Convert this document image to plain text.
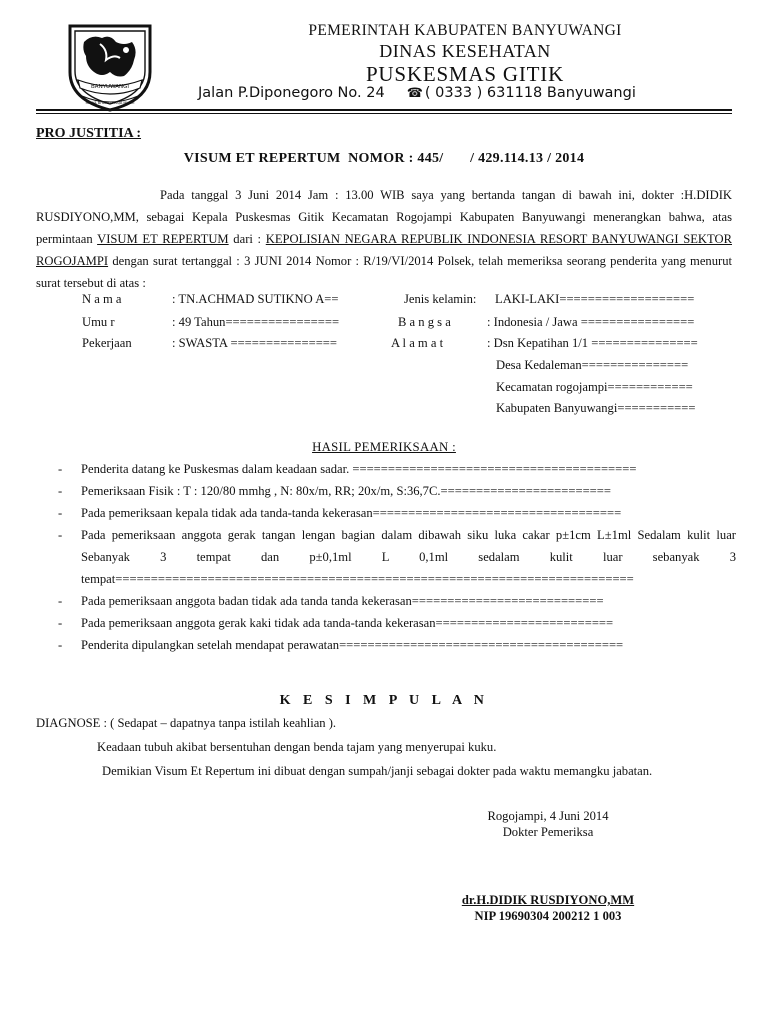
BANYUWANGI
SATYA BHAKTI PRAJA MUKTI
PEMERINTAH KABUPATEN BANYUWANGI
DINAS KESEHATAN
PUSKESMAS GITIK
Jalan P.Diponegoro No. 24 ☎ ( 0333 ) 631118 Banyuwangi
PRO JUSTITIA :
VISUM ET REPERTUM  NOMOR : 445/       / 429.114.13 / 2014
Pada tanggal 3 Juni 2014 Jam : 13.00 WIB saya yang bertanda tangan di bawah ini, dokter :H.DIDIK RUSDIYONO,MM, sebagai Kepala Puskesmas Gitik Kecamatan Rogojampi Kabupaten Banyuwangi menerangkan bahwa, atas permintaan VISUM ET REPERTUM dari : KEPOLISIAN NEGARA REPUBLIK INDONESIA RESORT BANYUWANGI SEKTOR ROGOJAMPI dengan surat tertanggal : 3 JUNI 2014 Nomor : R/19/VI/2014 Polsek, telah memeriksa seorang penderita yang menurut surat tersebut di atas :
N a m a	: TN.ACHMAD SUTIKNO A==	Jenis kelamin: LAKI-LAKI===================
Umu r	: 49 Tahun================	B a n g s a	: Indonesia / Jawa ================
Pekerjaan	: SWASTA ===============	A l a m a t	: Dsn Kepatihan 1/1 ===============
Desa Kedaleman===============
Kecamatan rogojampi============
Kabupaten Banyuwangi===========
HASIL PEMERIKSAAN :
- Penderita datang ke Puskesmas dalam keadaan sadar. ========================================
- Pemeriksaan Fisik : T : 120/80 mmhg , N: 80x/m, RR; 20x/m, S:36,7C.========================
- Pada pemeriksaan kepala tidak ada tanda-tanda kekerasan===================================
- Pada pemeriksaan anggota gerak tangan lengan bagian dalam dibawah siku luka cakar p±1cm L±1ml Sedalam kulit luar Sebanyak 3 tempat dan p±0,1ml L 0,1ml sedalam kulit luar sebanyak 3 tempat=========================================================================
- Pada pemeriksaan anggota badan tidak ada tanda tanda kekerasan===========================
- Pada pemeriksaan anggota gerak kaki tidak ada tanda-tanda kekerasan=========================
- Penderita dipulangkan setelah mendapat perawatan========================================
K E S I M P U L A N
DIAGNOSE : ( Sedapat – dapatnya tanpa istilah keahlian ).
Keadaan tubuh akibat bersentuhan dengan benda tajam yang menyerupai kuku.
Demikian Visum Et Repertum ini dibuat dengan sumpah/janji sebagai dokter pada waktu memangku jabatan.
Rogojampi, 4 Juni 2014
Dokter Pemeriksa
dr.H.DIDIK RUSDIYONO,MM
NIP 19690304 200212 1 003
